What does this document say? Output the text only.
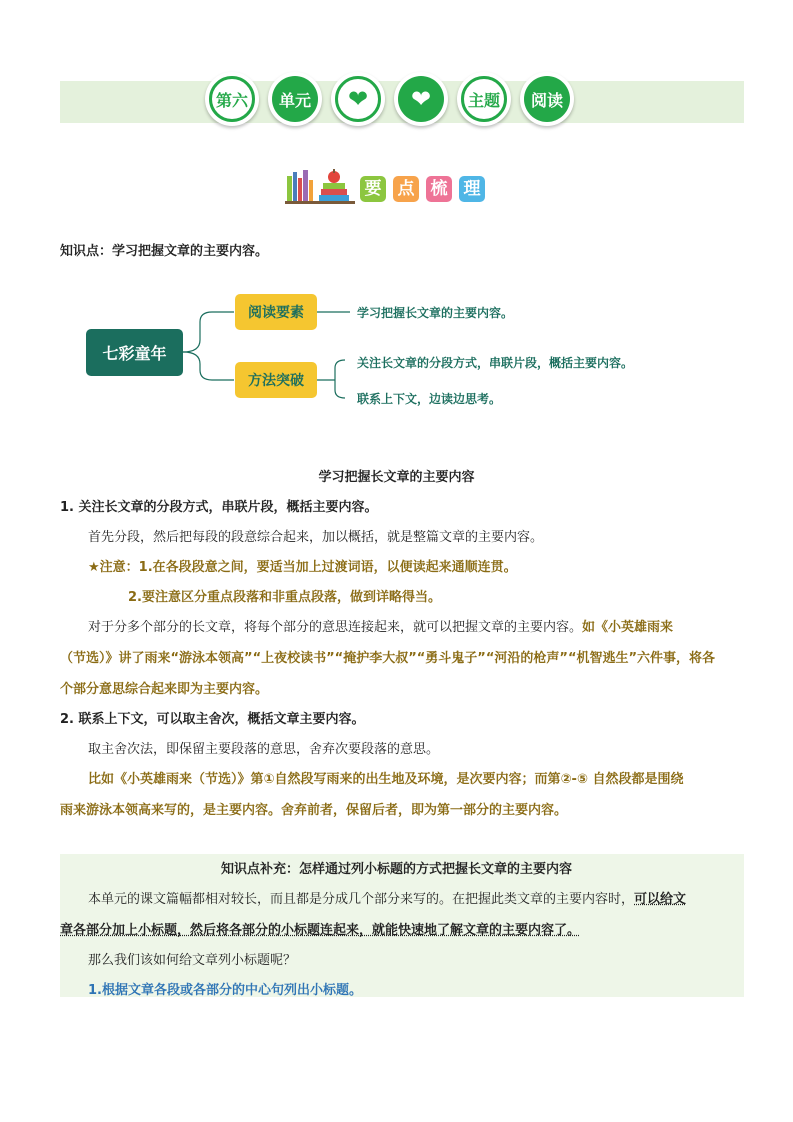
第六	单元	❤	❤	主题	阅读
要 点 梳 理
知识点：学习把握文章的主要内容。
七彩童年
阅读要素
方法突破
学习把握长文章的主要内容。
关注长文章的分段方式，串联片段，概括主要内容。
联系上下文，边读边思考。
学习把握长文章的主要内容
1. 关注长文章的分段方式，串联片段，概括主要内容。
首先分段，然后把每段的段意综合起来，加以概括，就是整篇文章的主要内容。
★注意：1.在各段段意之间，要适当加上过渡词语，以便读起来通顺连贯。
2.要注意区分重点段落和非重点段落，做到详略得当。
对于分多个部分的长文章，将每个部分的意思连接起来，就可以把握文章的主要内容。如《小英雄雨来
（节选）》讲了雨来“游泳本领高”“上夜校读书”“掩护李大叔”“勇斗鬼子”“河沿的枪声”“机智逃生”六件事，将各
个部分意思综合起来即为主要内容。
2. 联系上下文，可以取主舍次，概括文章主要内容。
取主舍次法，即保留主要段落的意思，舍弃次要段落的意思。
比如《小英雄雨来（节选）》第①自然段写雨来的出生地及环境，是次要内容；而第②-⑤ 自然段都是围绕
雨来游泳本领高来写的，是主要内容。舍弃前者，保留后者，即为第一部分的主要内容。
知识点补充：怎样通过列小标题的方式把握长文章的主要内容
本单元的课文篇幅都相对较长，而且都是分成几个部分来写的。在把握此类文章的主要内容时，可以给文
章各部分加上小标题，然后将各部分的小标题连起来，就能快速地了解文章的主要内容了。
那么我们该如何给文章列小标题呢？
1.根据文章各段或各部分的中心句列出小标题。
